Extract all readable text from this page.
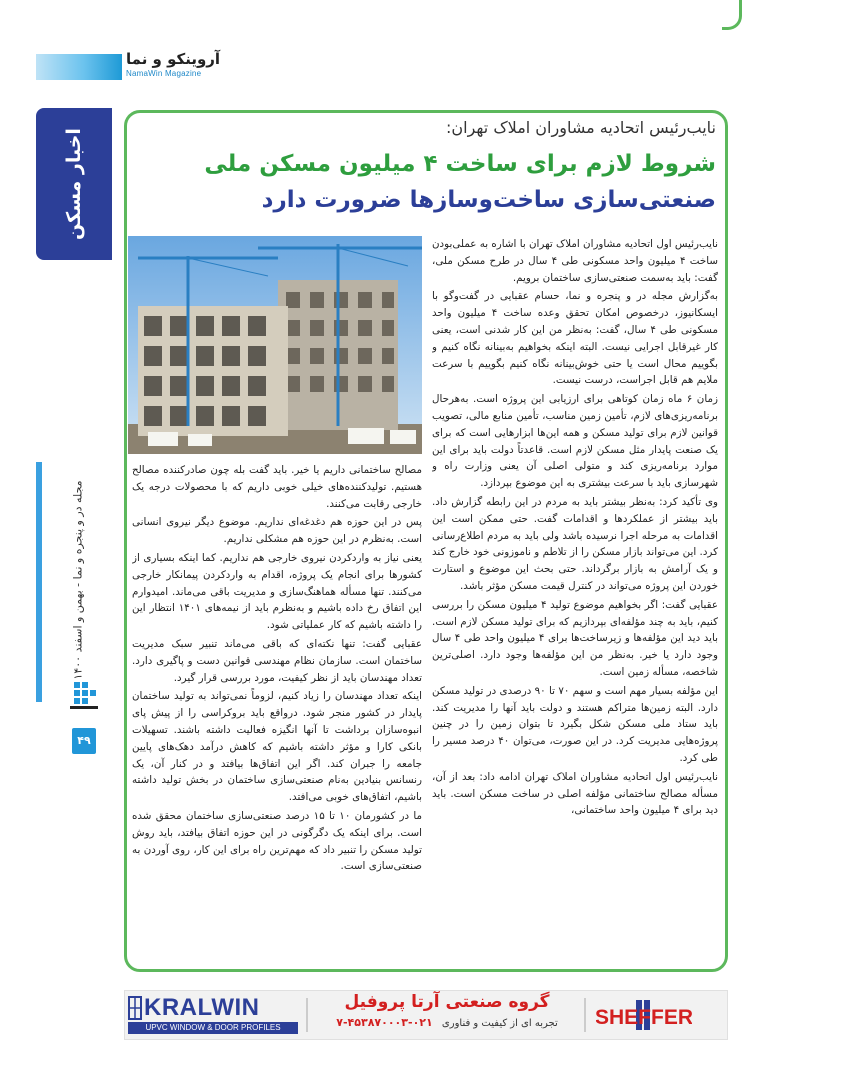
آروینکو و نما
NamaWin Magazine
اخبار مسکن
مجله در و پنجره و نما - بهمن و اسفند ۱۴۰۰
۴۹
نایب‌رئیس اتحادیه مشاوران املاک تهران:
شروط لازم برای ساخت ۴ میلیون مسکن ملی
صنعتی‌سازی ساخت‌وسازها ضرورت دارد

نایب‌رئیس اول اتحادیه مشاوران املاک تهران با اشاره به عملی‌بودن ساخت ۴ میلیون واحد مسکونی طی ۴ سال در طرح مسکن ملی، گفت: باید به‌سمت صنعتی‌سازی ساختمان برویم.

به‌گزارش مجله در و پنجره و نما، حسام عقبایی در گفت‌وگو با ایسکانیوز، درخصوص امکان تحقق وعده ساخت ۴ میلیون واحد مسکونی طی ۴ سال، گفت: به‌نظر من این کار شدنی است، یعنی کار غیرقابل اجرایی نیست. البته اینکه بخواهیم به‌بینانه نگاه کنیم و بگوییم محال است یا حتی خوش‌بینانه نگاه کنیم بگوییم با سرعت ملایم هم قابل اجراست، درست نیست.

زمان ۶ ماه زمان کوتاهی برای ارزیابی این پروژه است. به‌هرحال برنامه‌ریزی‌های لازم، تأمین زمین مناسب، تأمین منابع مالی، تصویب قوانین لازم برای تولید مسکن و همه این‌ها ابزارهایی است که برای یک صنعت پایدار مثل مسکن لازم است. قاعدتاً دولت باید برای این موارد برنامه‌ریزی کند و متولی اصلی آن یعنی وزارت راه و شهرسازی باید با سرعت بیشتری به این موضوع بپردازد.

وی تأکید کرد: به‌نظر بیشتر باید به مردم در این رابطه گزارش داد. باید بیشتر از عملکردها و اقدامات گفت. حتی ممکن است این اقدامات به مرحله اجرا نرسیده باشد ولی باید به مردم اطلاع‌رسانی کرد. این می‌تواند بازار مسکن را از تلاطم و ناموزونی خود خارج کند و یک آرامش به بازار برگرداند. حتی بحث این موضوع و استارت خوردن این پروژه می‌تواند در کنترل قیمت مسکن مؤثر باشد.

عقبایی گفت: اگر بخواهیم موضوع تولید ۴ میلیون مسکن را بررسی کنیم، باید به چند مؤلفه‌ای بپردازیم که برای تولید مسکن لازم است. باید دید این مؤلفه‌ها و زیرساخت‌ها برای ۴ میلیون واحد طی ۴ سال وجود دارد یا خیر. به‌نظر من این مؤلفه‌ها وجود دارد. اصلی‌ترین شاخصه، مسأله زمین است.

این مؤلفه بسیار مهم است و سهم ۷۰ تا ۹۰ درصدی در تولید مسکن دارد. البته زمین‌ها متراکم هستند و دولت باید آنها را مدیریت کند. باید ستاد ملی مسکن شکل بگیرد تا بتوان زمین را در چنین پروژه‌هایی مدیریت کرد. در این صورت، می‌توان ۴۰ درصد مسیر را طی کرد.

نایب‌رئیس اول اتحادیه مشاوران املاک تهران ادامه داد: بعد از آن، مسأله مصالح ساختمانی مؤلفه اصلی در ساخت مسکن است. باید دید برای ۴ میلیون واحد ساختمانی،

مصالح ساختمانی داریم یا خیر. باید گفت بله چون صادرکننده مصالح هستیم. تولیدکننده‌های خیلی خوبی داریم که با محصولات درجه یک خارجی رقابت می‌کنند.

پس در این حوزه هم دغدغه‌ای نداریم. موضوع دیگر نیروی انسانی است. به‌نظرم در این حوزه هم مشکلی نداریم.

یعنی نیاز به واردکردن نیروی خارجی هم نداریم. کما اینکه بسیاری از کشورها برای انجام یک پروژه، اقدام به واردکردن پیمانکار خارجی می‌کنند. تنها مسأله هماهنگ‌سازی و مدیریت باقی می‌ماند. امیدوارم این اتفاق رخ داده باشیم و به‌نظرم باید از نیمه‌های ۱۴۰۱ انتظار این را داشته باشیم که کار عملیاتی شود.

عقبایی گفت: تنها نکته‌ای که باقی می‌ماند تنبیر سبک مدیریت ساختمان است. سازمان نظام مهندسی قوانین دست و پاگیری دارد. تعداد مهندسان باید از نظر کیفیت، مورد بررسی قرار گیرد.

اینکه تعداد مهندسان را زیاد کنیم، لزوماً نمی‌تواند به تولید ساختمان پایدار در کشور منجر شود. درواقع باید بروکراسی را از پیش پای انبوه‌سازان برداشت تا آنها انگیزه فعالیت داشته باشند. تسهیلات بانکی کارا و مؤثر داشته باشیم که کاهش درآمد دهک‌های پایین جامعه را جبران کند. اگر این اتفاق‌ها بیافتد و در کنار آن، یک رنسانس بنیادین به‌نام صنعتی‌سازی ساختمان در بخش تولید داشته باشیم، اتفاق‌های خوبی می‌افتد.

ما در کشورمان ۱۰ تا ۱۵ درصد صنعتی‌سازی ساختمان محقق شده است. برای اینکه یک دگرگونی در این حوزه اتفاق بیافتد، باید روش تولید مسکن را تنبیر داد که مهم‌ترین راه برای این کار، روی آوردن به صنعتی‌سازی است.

KRALWIN
UPVC WINDOW & DOOR PROFILES
گروه صنعتی آرتا پروفیل
تجربه ای از کیفیت و فناوری ۰۲۱-۴۵۳۸۷۰۰۰۳-۷	SHEFFER
